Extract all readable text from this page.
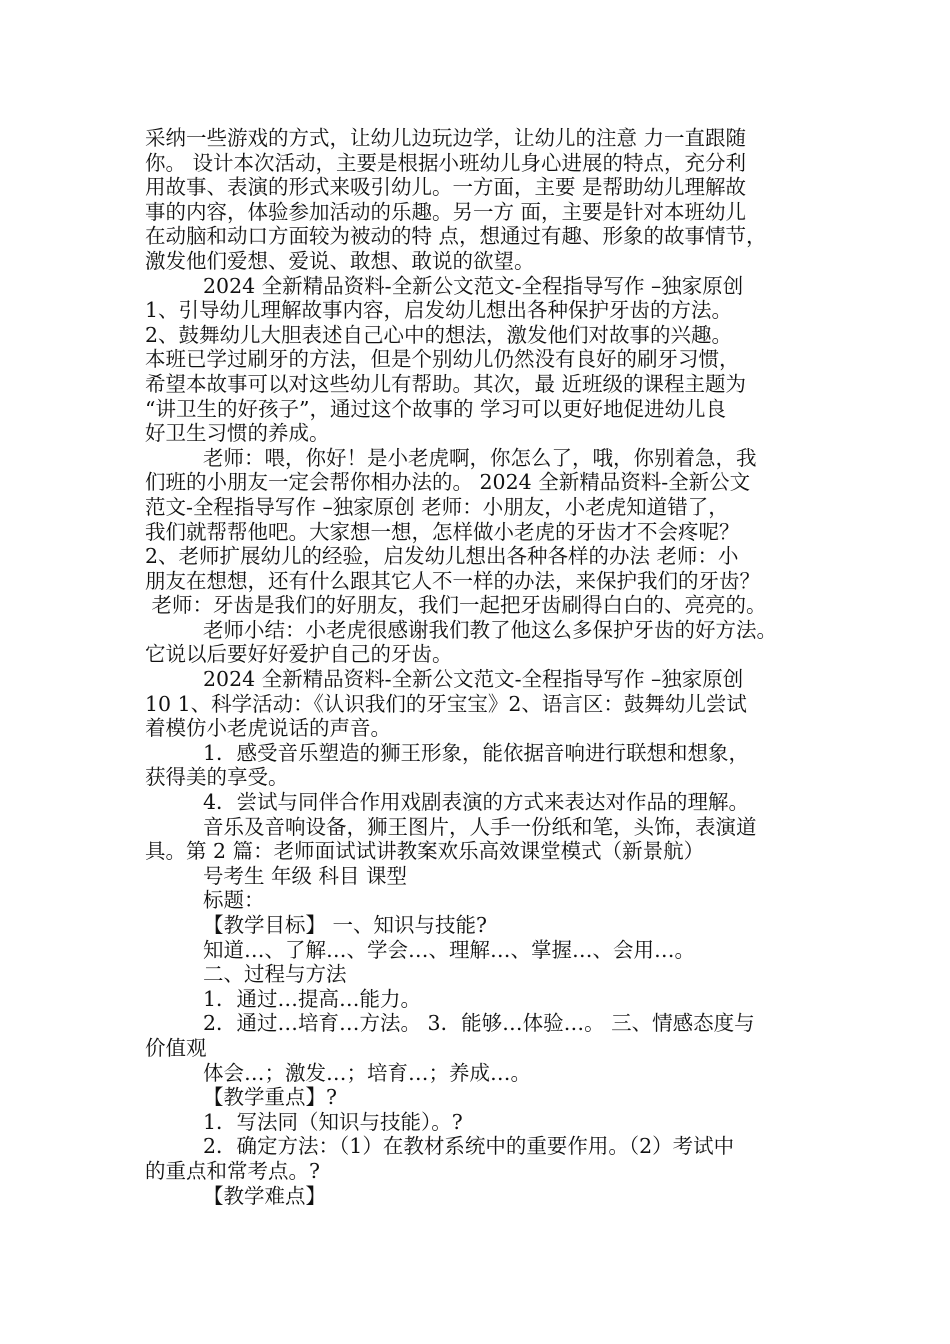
采纳一些游戏的方式，让幼儿边玩边学，让幼儿的注意 力一直跟随
你。 设计本次活动，主要是根据小班幼儿身心进展的特点，充分利
用故事、表演的形式来吸引幼儿。一方面，主要 是帮助幼儿理解故
事的内容，体验参加活动的乐趣。另一方 面，主要是针对本班幼儿
在动脑和动口方面较为被动的特 点，想通过有趣、形象的故事情节，
激发他们爱想、爱说、敢想、敢说的欲望。
2024 全新精品资料-全新公文范文-全程指导写作 –独家原创
1、引导幼儿理解故事内容，启发幼儿想出各种保护牙齿的方法。
2、鼓舞幼儿大胆表述自己心中的想法，激发他们对故事的兴趣。
本班已学过刷牙的方法，但是个别幼儿仍然没有良好的刷牙习惯，
希望本故事可以对这些幼儿有帮助。其次，最 近班级的课程主题为
“讲卫生的好孩子”，通过这个故事的 学习可以更好地促进幼儿良
好卫生习惯的养成。
老师：喂，你好！是小老虎啊，你怎么了，哦，你别着急，我
们班的小朋友一定会帮你相办法的。 2024 全新精品资料-全新公文
范文-全程指导写作 –独家原创 老师：小朋友，小老虎知道错了，
我们就帮帮他吧。大家想一想，怎样做小老虎的牙齿才不会疼呢？
2、老师扩展幼儿的经验，启发幼儿想出各种各样的办法 老师：小
朋友在想想，还有什么跟其它人不一样的办法，来保护我们的牙齿？
老师：牙齿是我们的好朋友，我们一起把牙齿刷得白白的、亮亮的。
老师小结：小老虎很感谢我们教了他这么多保护牙齿的好方法。
它说以后要好好爱护自己的牙齿。
2024 全新精品资料-全新公文范文-全程指导写作 –独家原创
10 1、科学活动：《认识我们的牙宝宝》2、语言区：鼓舞幼儿尝试
着模仿小老虎说话的声音。
1．感受音乐塑造的狮王形象，能依据音响进行联想和想象，
获得美的享受。
4．尝试与同伴合作用戏剧表演的方式来表达对作品的理解。
音乐及音响设备，狮王图片，人手一份纸和笔，头饰，表演道
具。第 2 篇：老师面试试讲教案欢乐高效课堂模式（新景航）
号考生 年级 科目 课型
标题：
【教学目标】 一、知识与技能?
知道…、了解…、学会…、理解…、掌握…、会用…。
二、过程与方法
1．通过…提高…能力。
2．通过…培育…方法。 3．能够…体验…。 三、情感态度与
价值观
体会…；激发…；培育…；养成…。
【教学重点】?
1．写法同（知识与技能）。?
2．确定方法：（1）在教材系统中的重要作用。（2）考试中
的重点和常考点。?
【教学难点】
